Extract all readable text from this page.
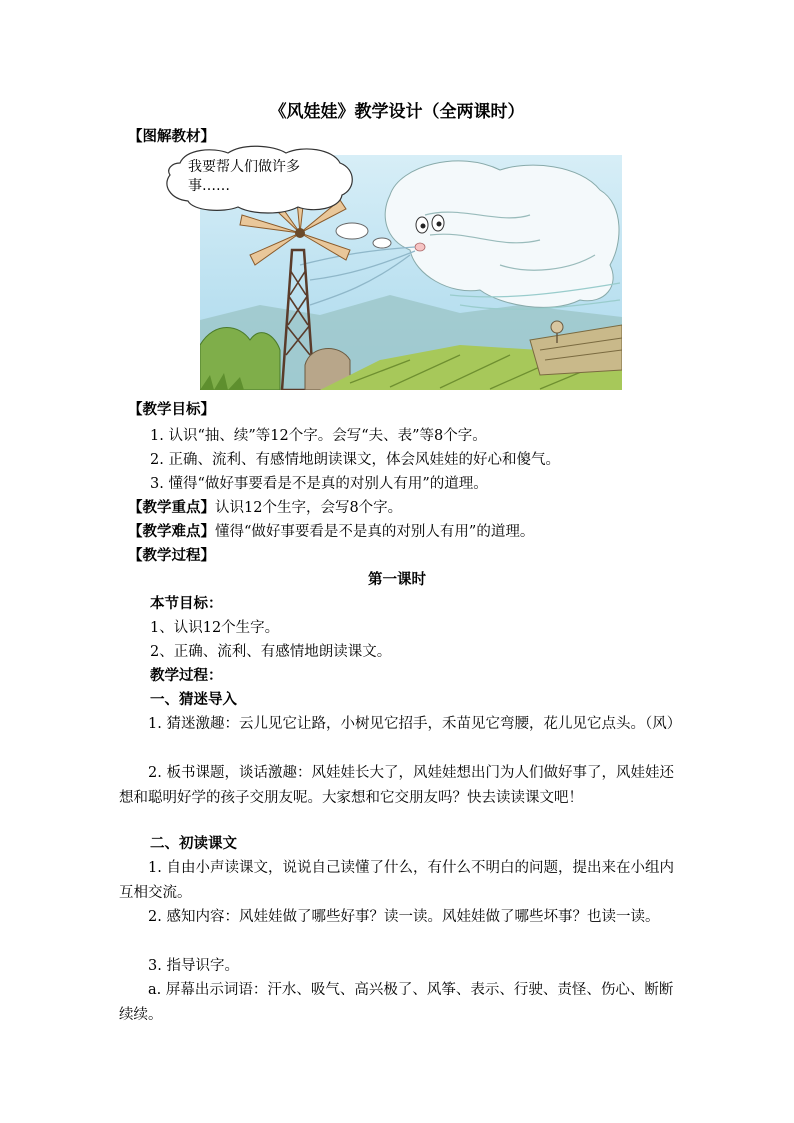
《风娃娃》教学设计（全两课时）
【图解教材】
我要帮人们做许多事……
【教学目标】
1. 认识“抽、续”等12个字。会写“夫、表”等8个字。
2. 正确、流利、有感情地朗读课文，体会风娃娃的好心和傻气。
3. 懂得“做好事要看是不是真的对别人有用”的道理。
【教学重点】认识12个生字，会写8个字。
【教学难点】懂得“做好事要看是不是真的对别人有用”的道理。
【教学过程】
第一课时
本节目标：
1、认识12个生字。
2、正确、流利、有感情地朗读课文。
教学过程：
一、猜迷导入
1. 猜迷激趣：云儿见它让路，小树见它招手，禾苗见它弯腰，花儿见它点头。（风）
2. 板书课题，谈话激趣：风娃娃长大了，风娃娃想出门为人们做好事了，风娃娃还想和聪明好学的孩子交朋友呢。大家想和它交朋友吗？快去读读课文吧！
二、初读课文
1. 自由小声读课文，说说自己读懂了什么，有什么不明白的问题，提出来在小组内互相交流。
2. 感知内容：风娃娃做了哪些好事？读一读。风娃娃做了哪些坏事？也读一读。
3. 指导识字。
a. 屏幕出示词语：汗水、吸气、高兴极了、风筝、表示、行驶、责怪、伤心、断断续续。
